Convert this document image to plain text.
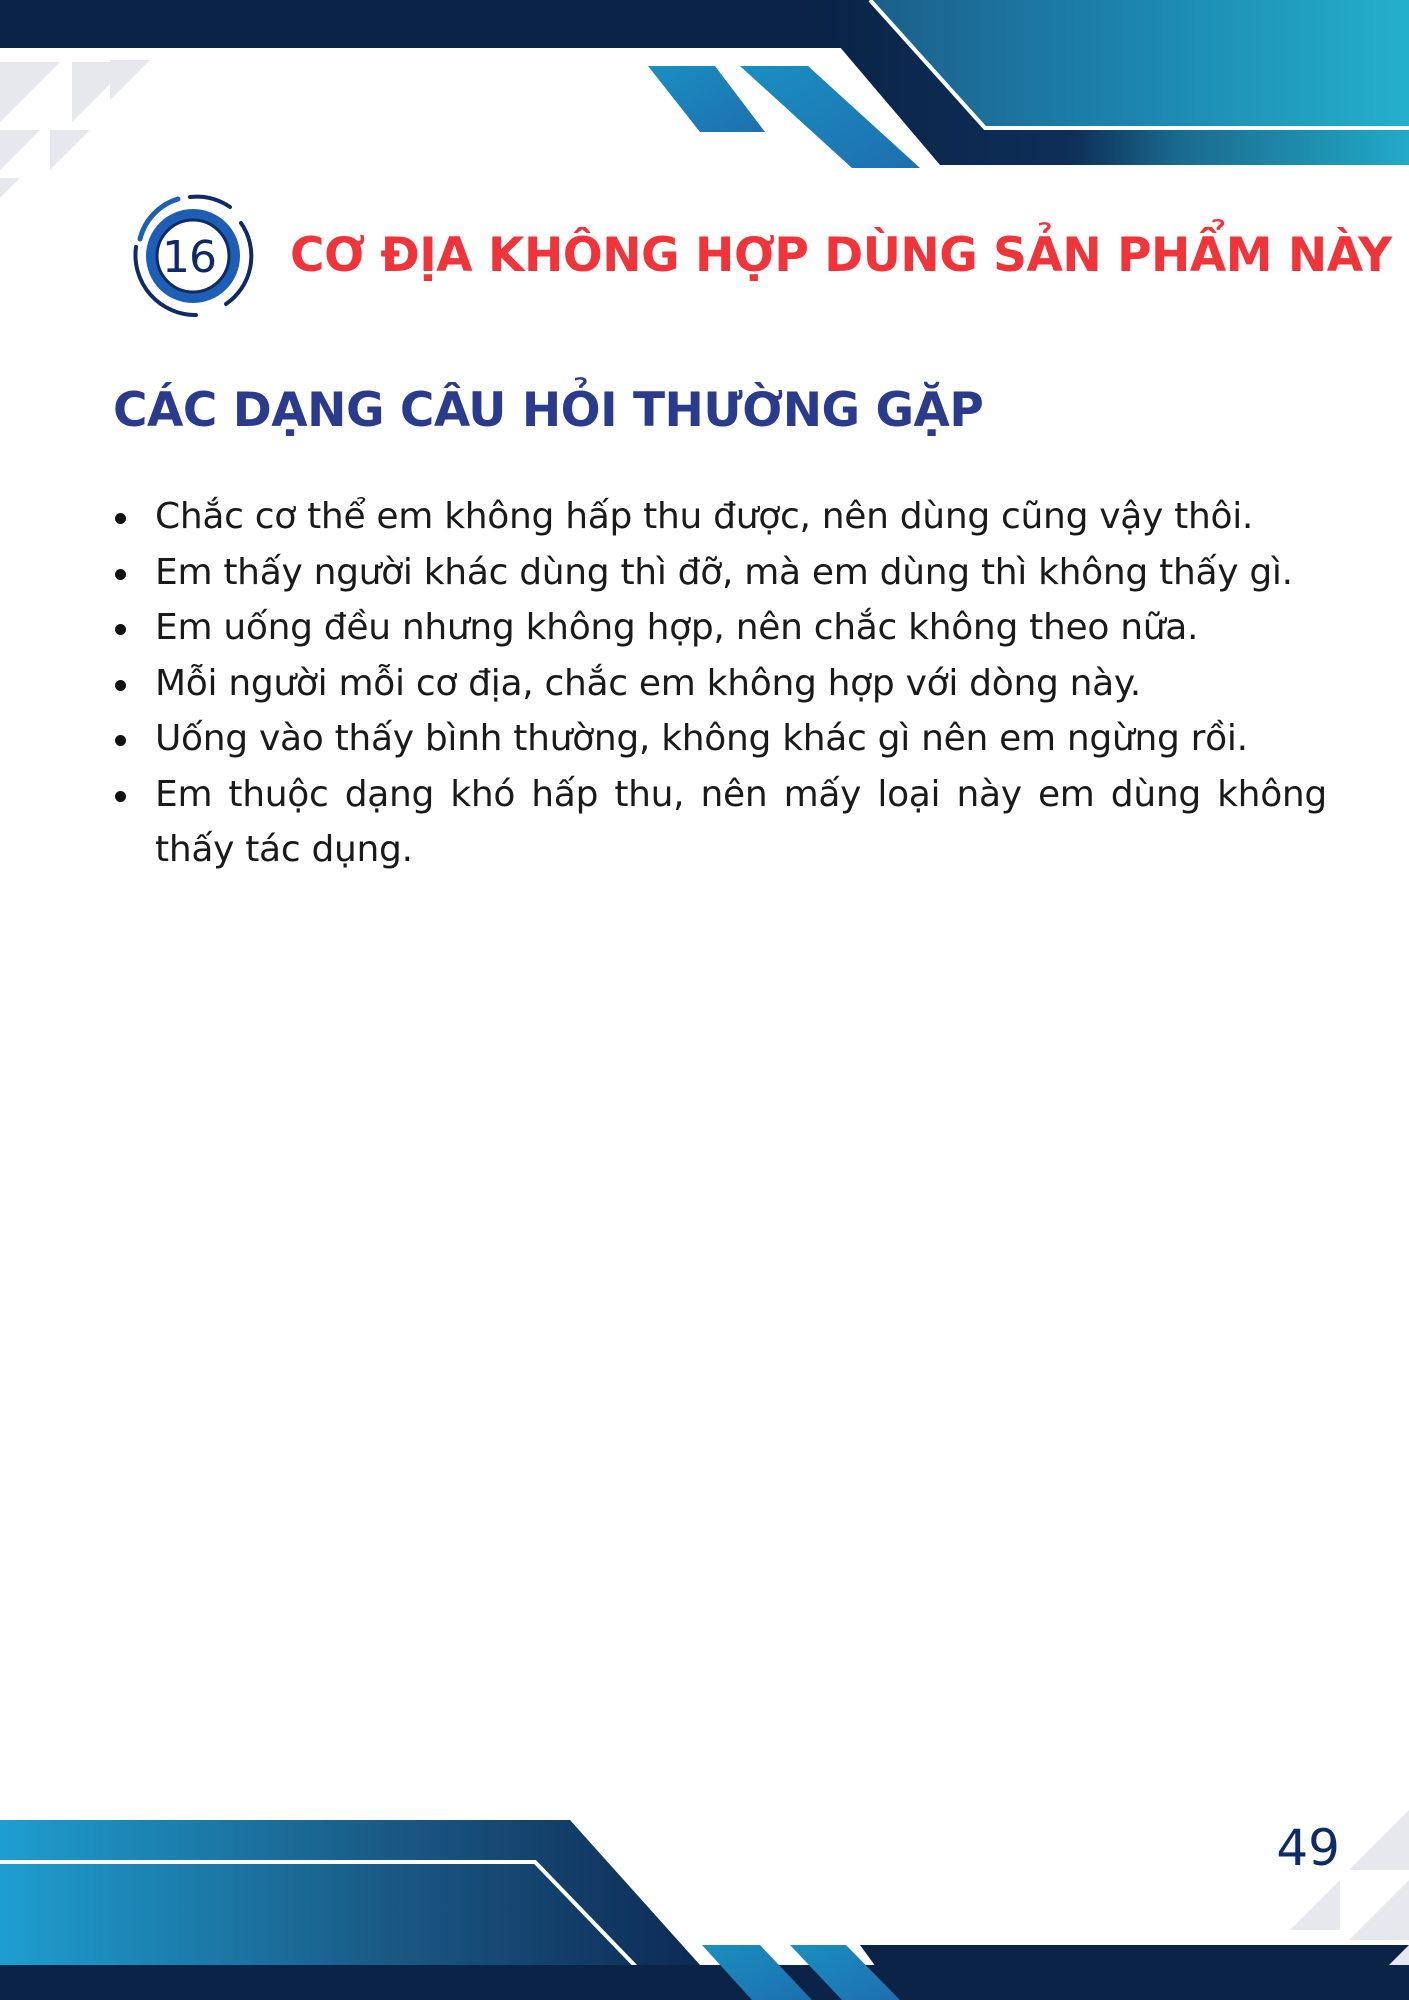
16 CƠ ĐỊA KHÔNG HỢP DÙNG SẢN PHẨM NÀY
CÁC DẠNG CÂU HỎI THƯỜNG GẶP
Chắc cơ thể em không hấp thu được, nên dùng cũng vậy thôi.
Em thấy người khác dùng thì đỡ, mà em dùng thì không thấy gì.
Em uống đều nhưng không hợp, nên chắc không theo nữa.
Mỗi người mỗi cơ địa, chắc em không hợp với dòng này.
Uống vào thấy bình thường, không khác gì nên em ngừng rồi.
Em thuộc dạng khó hấp thu, nên mấy loại này em dùng không thấy tác dụng.
49
